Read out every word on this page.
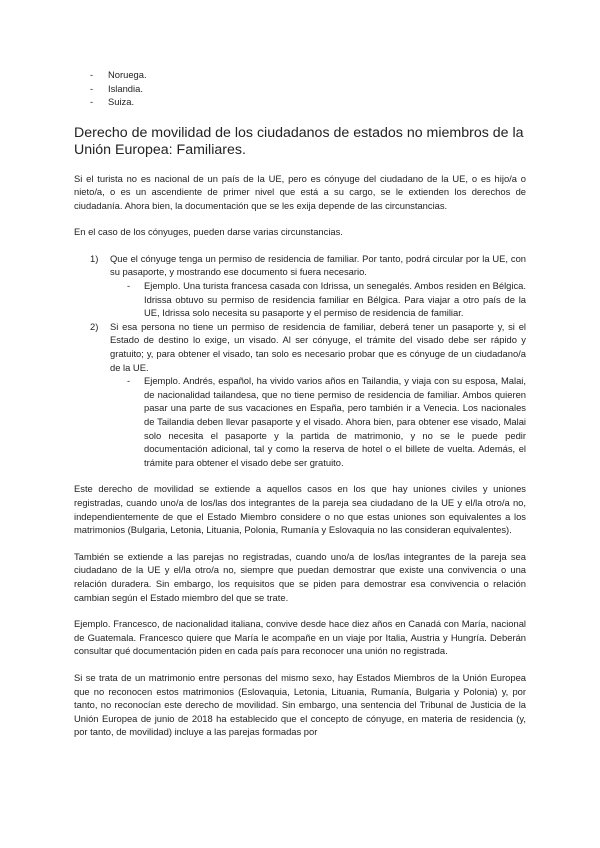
- Noruega.
- Islandia.
- Suiza.
Derecho de movilidad de los ciudadanos de estados no miembros de la Unión Europea: Familiares.

Si el turista no es nacional de un país de la UE, pero es cónyuge del ciudadano de la UE, o es hijo/a o nieto/a, o es un ascendiente de primer nivel que está a su cargo, se le extienden los derechos de ciudadanía. Ahora bien, la documentación que se les exija depende de las circunstancias.

En el caso de los cónyuges, pueden darse varias circunstancias.

1) Que el cónyuge tenga un permiso de residencia de familiar. Por tanto, podrá circular por la UE, con su pasaporte, y mostrando ese documento si fuera necesario.
- Ejemplo. Una turista francesa casada con Idrissa, un senegalés. Ambos residen en Bélgica. Idrissa obtuvo su permiso de residencia familiar en Bélgica. Para viajar a otro país de la UE, Idrissa solo necesita su pasaporte y el permiso de residencia de familiar.
2) Si esa persona no tiene un permiso de residencia de familiar, deberá tener un pasaporte y, si el Estado de destino lo exige, un visado. Al ser cónyuge, el trámite del visado debe ser rápido y gratuito; y, para obtener el visado, tan solo es necesario probar que es cónyuge de un ciudadano/a de la UE.
- Ejemplo. Andrés, español, ha vivido varios años en Tailandia, y viaja con su esposa, Malai, de nacionalidad tailandesa, que no tiene permiso de residencia de familiar. Ambos quieren pasar una parte de sus vacaciones en España, pero también ir a Venecia. Los nacionales de Tailandia deben llevar pasaporte y el visado. Ahora bien, para obtener ese visado, Malai solo necesita el pasaporte y la partida de matrimonio, y no se le puede pedir documentación adicional, tal y como la reserva de hotel o el billete de vuelta. Además, el trámite para obtener el visado debe ser gratuito.

Este derecho de movilidad se extiende a aquellos casos en los que hay uniones civiles y uniones registradas, cuando uno/a de los/las dos integrantes de la pareja sea ciudadano de la UE y el/la otro/a no, independientemente de que el Estado Miembro considere o no que estas uniones son equivalentes a los matrimonios (Bulgaria, Letonia, Lituania, Polonia, Rumanía y Eslovaquia no las consideran equivalentes).

También se extiende a las parejas no registradas, cuando uno/a de los/las integrantes de la pareja sea ciudadano de la UE y el/la otro/a no, siempre que puedan demostrar que existe una convivencia o una relación duradera. Sin embargo, los requisitos que se piden para demostrar esa convivencia o relación cambian según el Estado miembro del que se trate.

Ejemplo. Francesco, de nacionalidad italiana, convive desde hace diez años en Canadá con María, nacional de Guatemala. Francesco quiere que María le acompañe en un viaje por Italia, Austria y Hungría. Deberán consultar qué documentación piden en cada país para reconocer una unión no registrada.

Si se trata de un matrimonio entre personas del mismo sexo, hay Estados Miembros de la Unión Europea que no reconocen estos matrimonios (Eslovaquia, Letonia, Lituania, Rumanía, Bulgaria y Polonia) y, por tanto, no reconocían este derecho de movilidad. Sin embargo, una sentencia del Tribunal de Justicia de la Unión Europea de junio de 2018 ha establecido que el concepto de cónyuge, en materia de residencia (y, por tanto, de movilidad) incluye a las parejas formadas por
